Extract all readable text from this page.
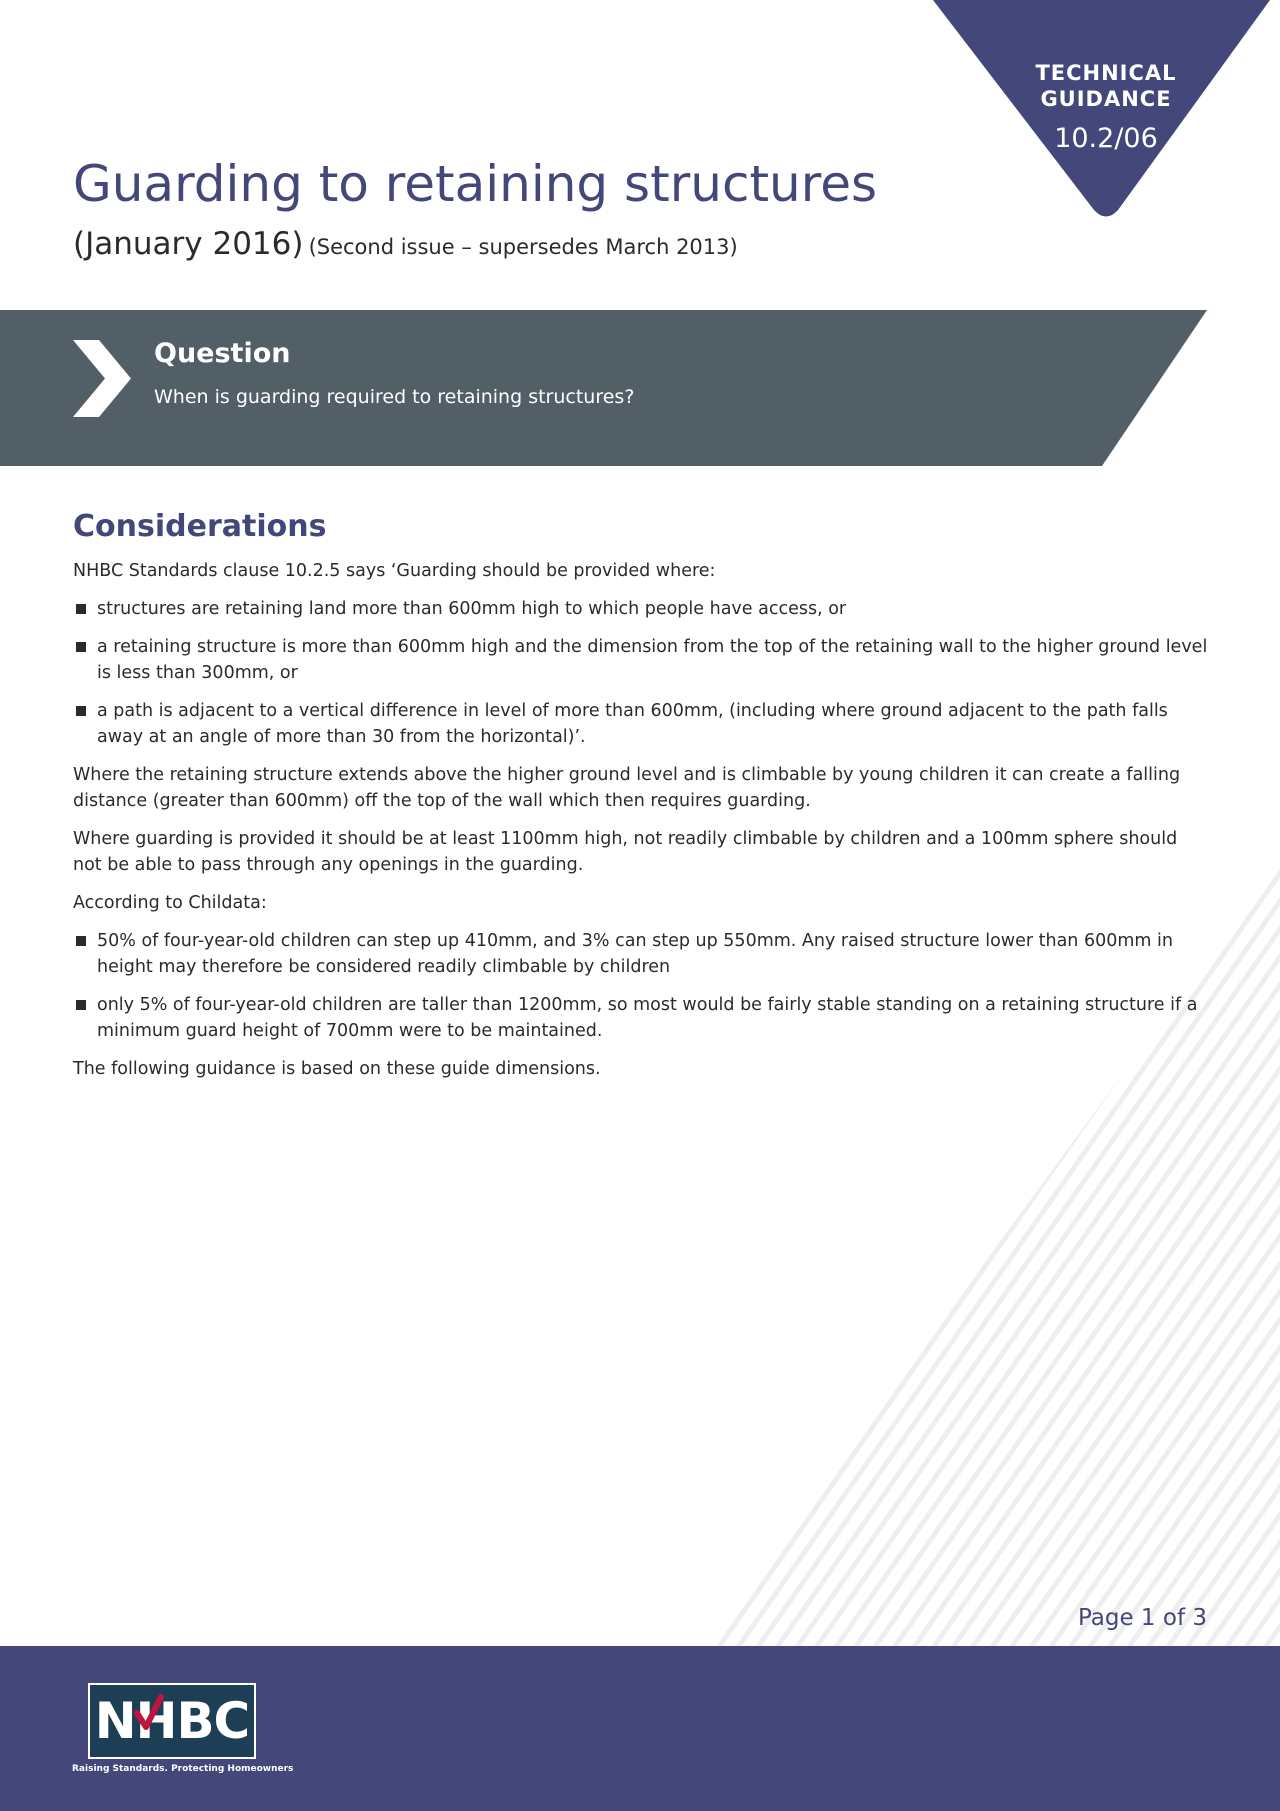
TECHNICAL
GUIDANCE
10.2/06
Guarding to retaining structures
(January 2016) (Second issue – supersedes March 2013)
Question
When is guarding required to retaining structures?
Considerations

NHBC Standards clause 10.2.5 says ‘Guarding should be provided where:

structures are retaining land more than 600mm high to which people have access, or
a retaining structure is more than 600mm high and the dimension from the top of the retaining wall to the higher ground level is less than 300mm, or
a path is adjacent to a vertical difference in level of more than 600mm, (including where ground adjacent to the path falls away at an angle of more than 30 from the horizontal)’.

Where the retaining structure extends above the higher ground level and is climbable by young children it can create a falling distance (greater than 600mm) off the top of the wall which then requires guarding.

Where guarding is provided it should be at least 1100mm high, not readily climbable by children and a 100mm sphere should not be able to pass through any openings in the guarding.

According to Childata:

50% of four-year-old children can step up 410mm, and 3% can step up 550mm. Any raised structure lower than 600mm in height may therefore be considered readily climbable by children
only 5% of four-year-old children are taller than 1200mm, so most would be fairly stable standing on a retaining structure if a minimum guard height of 700mm were to be maintained.

The following guidance is based on these guide dimensions.

Page 1 of 3
NHBC
Raising Standards. Protecting Homeowners
